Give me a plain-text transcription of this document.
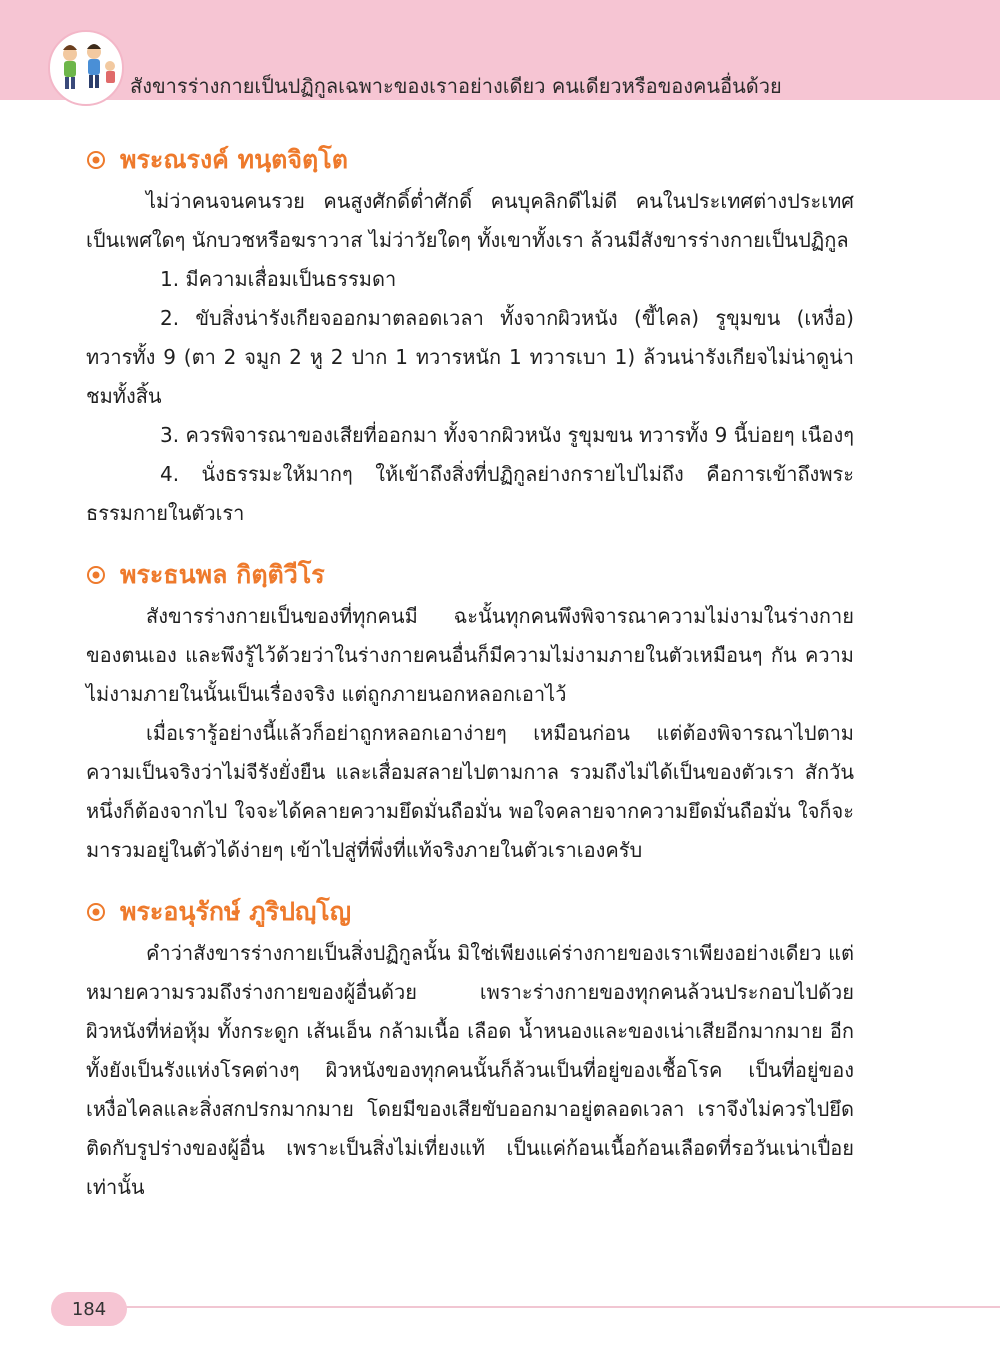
สังขารร่างกายเป็นปฏิกูลเฉพาะของเราอย่างเดียว คนเดียวหรือของคนอื่นด้วย
พระณรงค์ ทนฺตจิตฺโต

ไม่ว่าคนจนคนรวย คนสูงศักดิ์ต่ำศักดิ์ คนบุคลิกดีไม่ดี คนในประเทศต่างประเทศ เป็นเพศใดๆ นักบวชหรือฆราวาส ไม่ว่าวัยใดๆ ทั้งเขาทั้งเรา ล้วนมีสังขารร่างกายเป็นปฏิกูล

1. มีความเสื่อมเป็นธรรมดา

2. ขับสิ่งน่ารังเกียจออกมาตลอดเวลา ทั้งจากผิวหนัง (ขี้ไคล) รูขุมขน (เหงื่อ) ทวารทั้ง 9 (ตา 2 จมูก 2 หู 2 ปาก 1 ทวารหนัก 1 ทวารเบา 1) ล้วนน่ารังเกียจไม่น่าดูน่าชมทั้งสิ้น

3. ควรพิจารณาของเสียที่ออกมา ทั้งจากผิวหนัง รูขุมขน ทวารทั้ง 9 นี้บ่อยๆ เนืองๆ

4. นั่งธรรมะให้มากๆ ให้เข้าถึงสิ่งที่ปฏิกูลย่างกรายไปไม่ถึง คือการเข้าถึงพระธรรมกายในตัวเรา

พระธนพล กิตฺติวีโร

สังขารร่างกายเป็นของที่ทุกคนมี ฉะนั้นทุกคนพึงพิจารณาความไม่งามในร่างกายของตนเอง และพึงรู้ไว้ด้วยว่าในร่างกายคนอื่นก็มีความไม่งามภายในตัวเหมือนๆ กัน ความไม่งามภายในนั้นเป็นเรื่องจริง แต่ถูกภายนอกหลอกเอาไว้

เมื่อเรารู้อย่างนี้แล้วก็อย่าถูกหลอกเอาง่ายๆ เหมือนก่อน แต่ต้องพิจารณาไปตามความเป็นจริงว่าไม่จีรังยั่งยืน และเสื่อมสลายไปตามกาล รวมถึงไม่ได้เป็นของตัวเรา สักวันหนึ่งก็ต้องจากไป ใจจะได้คลายความยึดมั่นถือมั่น พอใจคลายจากความยึดมั่นถือมั่น ใจก็จะมารวมอยู่ในตัวได้ง่ายๆ เข้าไปสู่ที่พึ่งที่แท้จริงภายในตัวเราเองครับ

พระอนุรักษ์ ภูริปญฺโญ

คำว่าสังขารร่างกายเป็นสิ่งปฏิกูลนั้น มิใช่เพียงแค่ร่างกายของเราเพียงอย่างเดียว แต่หมายความรวมถึงร่างกายของผู้อื่นด้วย เพราะร่างกายของทุกคนล้วนประกอบไปด้วยผิวหนังที่ห่อหุ้ม ทั้งกระดูก เส้นเอ็น กล้ามเนื้อ เลือด น้ำหนองและของเน่าเสียอีกมากมาย อีกทั้งยังเป็นรังแห่งโรคต่างๆ ผิวหนังของทุกคนนั้นก็ล้วนเป็นที่อยู่ของเชื้อโรค เป็นที่อยู่ของเหงื่อไคลและสิ่งสกปรกมากมาย โดยมีของเสียขับออกมาอยู่ตลอดเวลา เราจึงไม่ควรไปยึดติดกับรูปร่างของผู้อื่น เพราะเป็นสิ่งไม่เที่ยงแท้ เป็นแค่ก้อนเนื้อก้อนเลือดที่รอวันเน่าเปื่อยเท่านั้น

184
